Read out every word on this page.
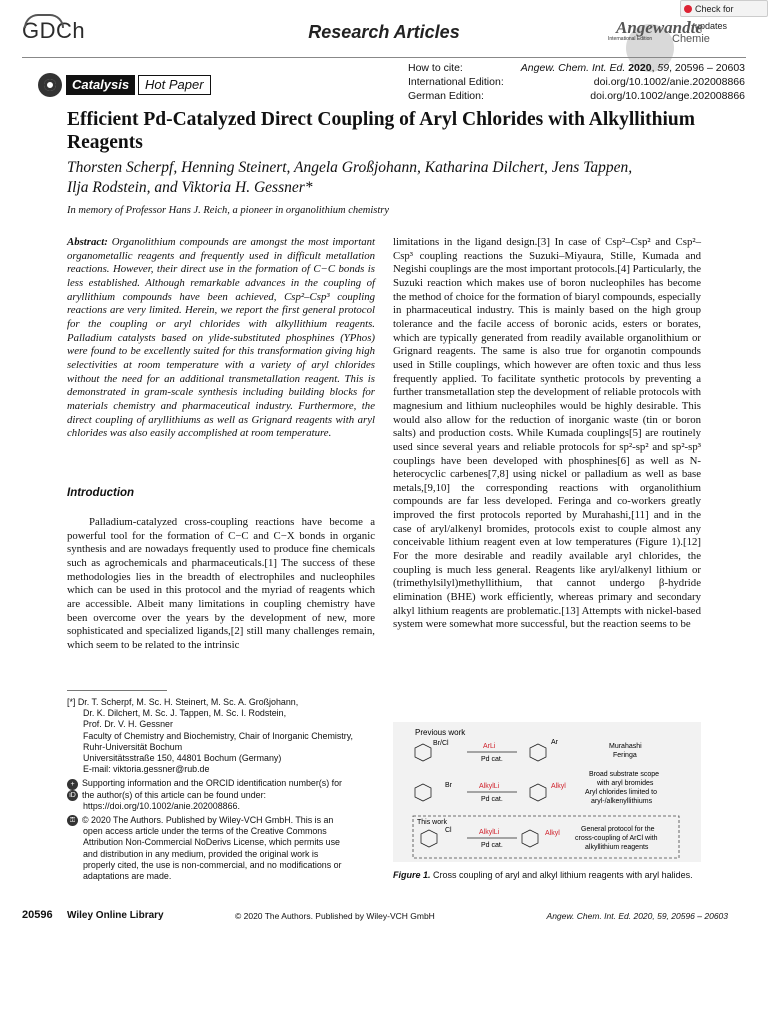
Check for updates
GDCh	Research Articles	Angewandte
International Edition Chemie
Catalysis	Hot Paper
How to cite:	Angew. Chem. Int. Ed. 2020, 59, 20596 – 20603
International Edition:	doi.org/10.1002/anie.202008866
German Edition:	doi.org/10.1002/ange.202008866
Efficient Pd-Catalyzed Direct Coupling of Aryl Chlorides with Alkyllithium Reagents
Thorsten Scherpf, Henning Steinert, Angela Großjohann, Katharina Dilchert, Jens Tappen,
Ilja Rodstein, and Viktoria H. Gessner*
In memory of Professor Hans J. Reich, a pioneer in organolithium chemistry
Abstract: Organolithium compounds are amongst the most important organometallic reagents and frequently used in difficult metallation reactions. However, their direct use in the formation of C−C bonds is less established. Although remarkable advances in the coupling of aryllithium compounds have been achieved, Csp²–Csp³ coupling reactions are very limited. Herein, we report the first general protocol for the coupling or aryl chlorides with alkyllithium reagents. Palladium catalysts based on ylide-substituted phosphines (YPhos) were found to be excellently suited for this transformation giving high selectivities at room temperature with a variety of aryl chlorides without the need for an additional transmetallation reagent. This is demonstrated in gram-scale synthesis including building blocks for materials chemistry and pharmaceutical industry. Furthermore, the direct coupling of aryllithiums as well as Grignard reagents with aryl chlorides was also easily accomplished at room temperature.
Introduction
Palladium-catalyzed cross-coupling reactions have become a powerful tool for the formation of C−C and C−X bonds in organic synthesis and are nowadays frequently used to produce fine chemicals such as agrochemicals and pharmaceuticals.[1] The success of these methodologies lies in the breadth of electrophiles and nucleophiles which can be used in this protocol and the myriad of reagents which are accessible. Albeit many limitations in coupling chemistry have been overcome over the years by the development of new, more sophisticated and specialized ligands,[2] still many challenges remain, which seem to be related to the intrinsic
[*] Dr. T. Scherpf, M. Sc. H. Steinert, M. Sc. A. Großjohann,
Dr. K. Dilchert, M. Sc. J. Tappen, M. Sc. I. Rodstein,
Prof. Dr. V. H. Gessner
Faculty of Chemistry and Biochemistry, Chair of Inorganic Chemistry,
Ruhr-Universität Bochum
Universitätsstraße 150, 44801 Bochum (Germany)
E-mail: viktoria.gessner@rub.de
+ Supporting information and the ORCID identification number(s) for
iD the author(s) of this article can be found under:
https://doi.org/10.1002/anie.202008866.
⚿ © 2020 The Authors. Published by Wiley-VCH GmbH. This is an
open access article under the terms of the Creative Commons
Attribution Non-Commercial NoDerivs License, which permits use
and distribution in any medium, provided the original work is
properly cited, the use is non-commercial, and no modifications or
adaptations are made.
limitations in the ligand design.[3] In case of Csp²–Csp² and Csp²–Csp³ coupling reactions the Suzuki–Miyaura, Stille, Kumada and Negishi couplings are the most important protocols.[4] Particularly, the Suzuki reaction which makes use of boron nucleophiles has become the method of choice for the formation of biaryl compounds, especially in pharmaceutical industry. This is mainly based on the high group tolerance and the facile access of boronic acids, esters or borates, which are typically generated from readily available organolithium or Grignard reagents. The same is also true for organotin compounds used in Stille couplings, which however are often toxic and thus less frequently applied. To facilitate synthetic protocols by preventing a further transmetallation step the development of reliable protocols with magnesium and lithium nucleophiles would be highly desirable. This would also allow for the reduction of inorganic waste (tin or boron salts) and production costs. While Kumada couplings[5] are routinely used since several years and reliable protocols for sp²-sp² and sp²-sp³ couplings have been developed with phosphines[6] as well as N-heterocyclic carbenes[7,8] using nickel or palladium as well as base metals,[9,10] the corresponding reactions with organolithium compounds are far less developed. Feringa and co-workers greatly improved the first protocols reported by Murahashi,[11] and in the case of aryl/alkenyl bromides, protocols exist to couple almost any conceivable lithium reagent even at low temperatures (Figure 1).[12] For the more desirable and readily available aryl chlorides, the coupling is much less general. Reagents like aryl/alkenyl lithium or (trimethylsilyl)methyllithium, that cannot undergo β-hydride elimination (BHE) work efficiently, whereas primary and secondary alkyl lithium reagents are problematic.[13] Attempts with nickel-based system were somewhat more successful, but the reaction seems to be
Previous work
Br/Cl	ArLi
Pd cat.
Ar
Murahashi
Feringa
Br	AlkylLi
Pd cat.
Alkyl
Broad substrate scope
with aryl bromides
Aryl chlorides limited to
aryl-/alkenyllithiums
This work
Cl	AlkylLi
Pd cat.
Alkyl
General protocol for the
cross-coupling of ArCl with
alkyllithium reagents
Figure 1. Cross coupling of aryl and alkyl lithium reagents with aryl halides.
20596 Wiley Online Library	© 2020 The Authors. Published by Wiley-VCH GmbH	Angew. Chem. Int. Ed. 2020, 59, 20596 – 20603
